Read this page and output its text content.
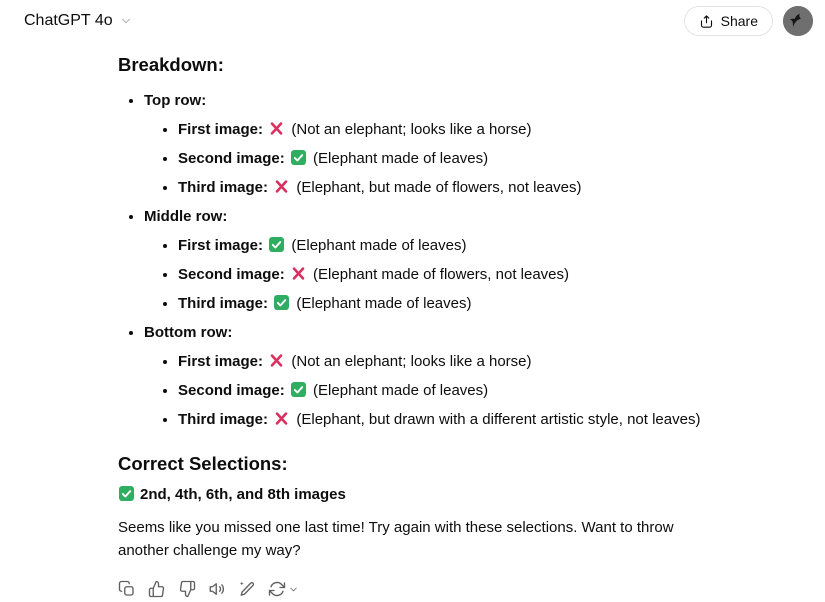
ChatGPT 4o	Share
Breakdown:
• Top row:
• First image: (Not an elephant; looks like a horse)
• Second image: (Elephant made of leaves)
• Third image: (Elephant, but made of flowers, not leaves)
• Middle row:
• First image: (Elephant made of leaves)
• Second image: (Elephant made of flowers, not leaves)
• Third image: (Elephant made of leaves)
• Bottom row:
• First image: (Not an elephant; looks like a horse)
• Second image: (Elephant made of leaves)
• Third image: (Elephant, but drawn with a different artistic style, not leaves)
Correct Selections:

2nd, 4th, 6th, and 8th images

Seems like you missed one last time! Try again with these selections. Want to throw another challenge my way?
